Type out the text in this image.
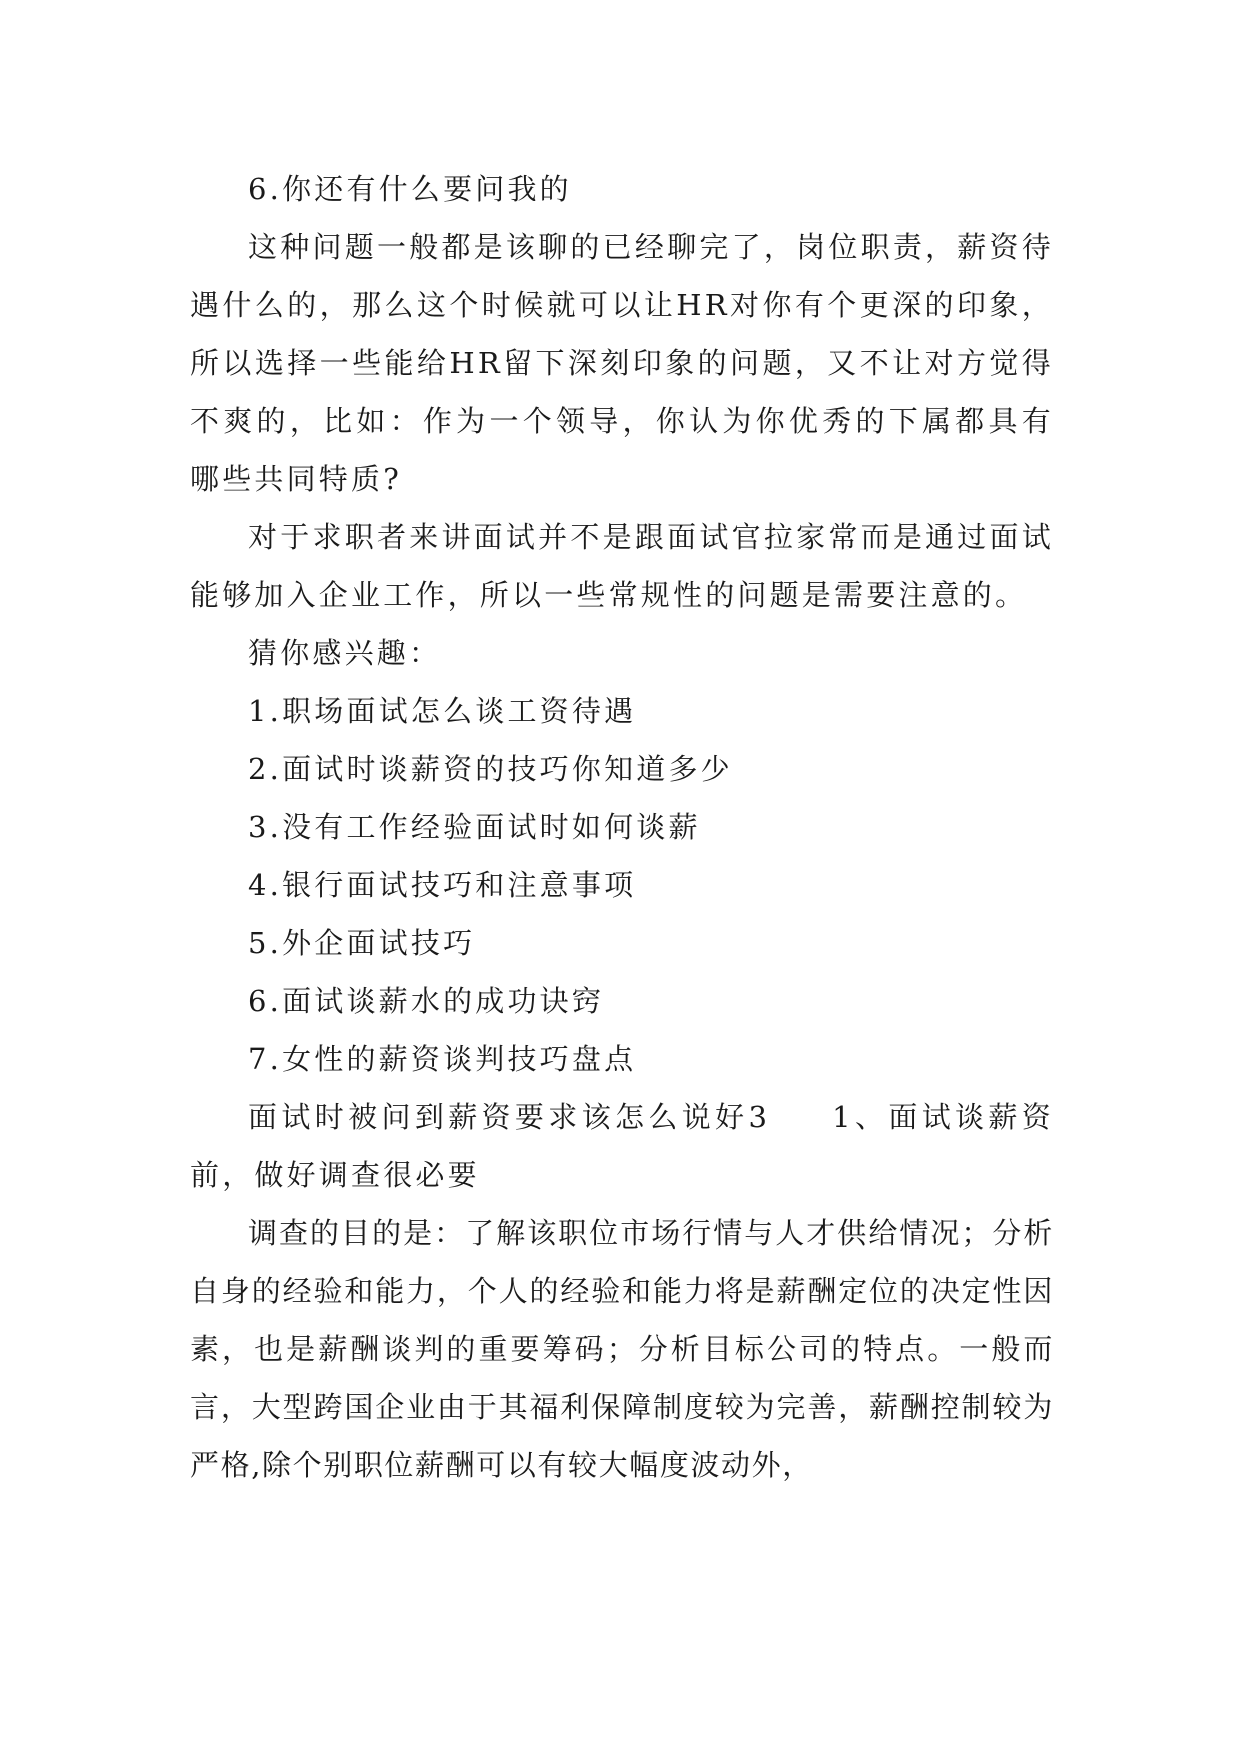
6.你还有什么要问我的

这种问题一般都是该聊的已经聊完了，岗位职责，薪资待遇什么的，那么这个时候就可以让HR对你有个更深的印象，所以选择一些能给HR留下深刻印象的问题，又不让对方觉得不爽的，比如：作为一个领导，你认为你优秀的下属都具有哪些共同特质?

对于求职者来讲面试并不是跟面试官拉家常而是通过面试能够加入企业工作，所以一些常规性的问题是需要注意的。

猜你感兴趣：

1.职场面试怎么谈工资待遇
2.面试时谈薪资的技巧你知道多少
3.没有工作经验面试时如何谈薪
4.银行面试技巧和注意事项
5.外企面试技巧
6.面试谈薪水的成功诀窍
7.女性的薪资谈判技巧盘点

面试时被问到薪资要求该怎么说好3 1、面试谈薪资前，做好调查很必要

调查的目的是：了解该职位市场行情与人才供给情况；分析自身的经验和能力，个人的经验和能力将是薪酬定位的决定性因素，也是薪酬谈判的重要筹码；分析目标公司的特点。一般而言，大型跨国企业由于其福利保障制度较为完善，薪酬控制较为严格,除个别职位薪酬可以有较大幅度波动外，
